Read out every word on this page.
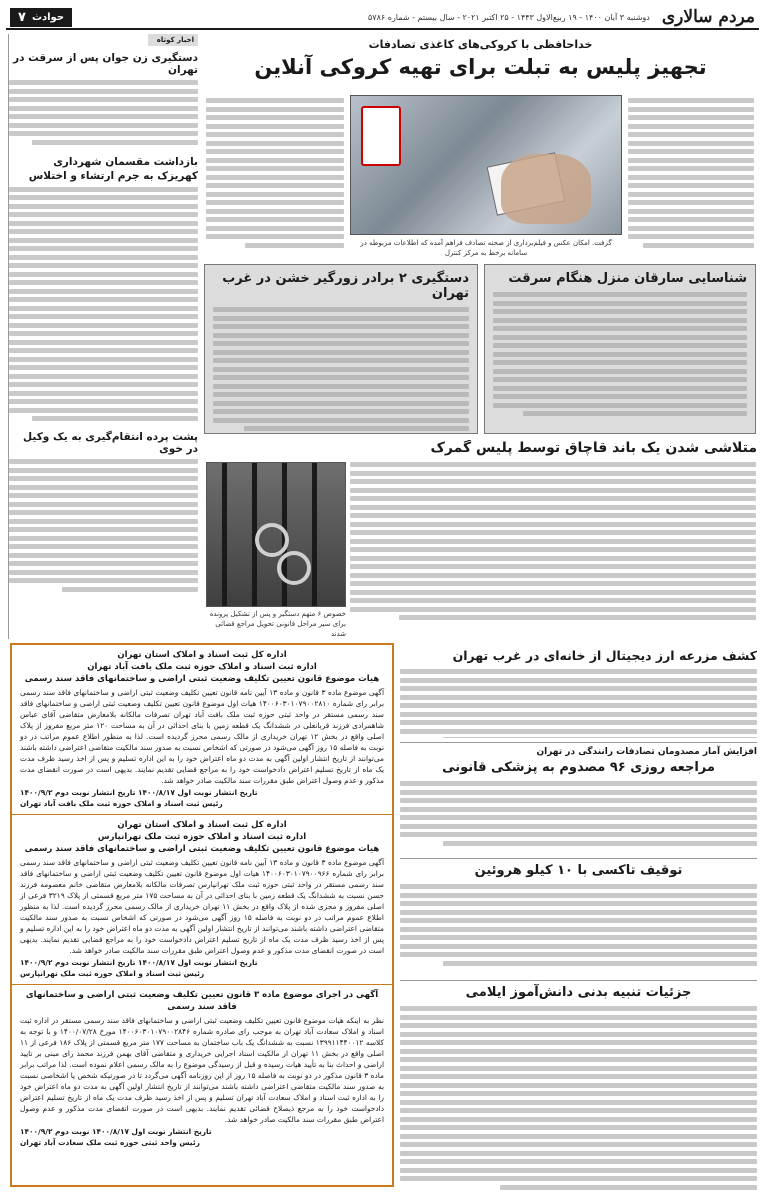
مردم سالاری
دوشنبه ۳ آبان ۱۴۰۰ - ۱۹ ربیع‌الاول ۱۴۴۳ - ۲۵ اکتبر ۲۰۲۱ - سال بیستم - شماره ۵۷۸۶
حوادث
۷
اخبار کوتاه
دستگیری زن جوان پس از سرقت در تهران
بازداشت مقسمان شهرداری کهریزک به جرم ارتشاء و اختلاس
پشت پرده انتقام‌گیری به یک وکیل در خوی
خداحافظی با کروکی‌های کاغذی تصادفات
تجهیز پلیس به تبلت برای تهیه کروکی آنلاین
گرفت. امکان عکس و فیلم‌برداری از صحنه تصادف فراهم آمده که اطلاعات مربوطه در سامانه برخط به مرکز کنترل
شناسایی سارقان منزل هنگام سرقت
دستگیری ۲ برادر زورگیر خشن در غرب تهران
متلاشی شدن یک باند قاچاق توسط پلیس گمرک
خصوص ۶ متهم دستگیر و پس از تشکیل پرونده برای سیر مراحل قانونی تحویل مراجع قضائی شدند
کشف مزرعه ارز دیجیتال از خانه‌ای در غرب تهران
افزایش آمار مصدومان تصادفات رانندگی در تهران
مراجعه روزی ۹۶ مصدوم به پزشکی قانونی
توقیف تاکسی با ۱۰ کیلو هروئین
جزئیات تنبیه بدنی دانش‌آموز ایلامی
اداره کل ثبت اسناد و املاک استان تهران
اداره ثبت اسناد و املاک حوزه ثبت ملک بافت آباد تهران
هیات موضوع قانون تعیین تکلیف وضعیت ثبتی اراضی و ساختمانهای فاقد سند رسمی
آگهی موضوع ماده ۳ قانون و ماده ۱۳ آیین نامه قانون تعیین تکلیف وضعیت ثبتی اراضی و ساختمانهای فاقد سند رسمی برابر رای شماره ۱۴۰۰۶۰۳۰۱۰۷۹۰۰۲۸۱۰ هیات اول موضوع قانون تعیین تکلیف وضعیت ثبتی اراضی و ساختمانهای فاقد سند رسمی مستقر در واحد ثبتی حوزه ثبت ملک بافت آباد تهران تصرفات مالکانه بلامعارض متقاضی آقای عباس شاهمرادی فرزند قربانعلی در ششدانگ یک قطعه زمین با بنای احداثی در آن به مساحت ۱۲۰ متر مربع مفروز از پلاک اصلی واقع در بخش ۱۲ تهران خریداری از مالک رسمی محرز گردیده است. لذا به منظور اطلاع عموم مراتب در دو نوبت به فاصله ۱۵ روز آگهی می‌شود در صورتی که اشخاص نسبت به صدور سند مالکیت متقاضی اعتراضی داشته باشند می‌توانند از تاریخ انتشار اولین آگهی به مدت دو ماه اعتراض خود را به این اداره تسلیم و پس از اخذ رسید ظرف مدت یک ماه از تاریخ تسلیم اعتراض دادخواست خود را به مراجع قضایی تقدیم نمایند. بدیهی است در صورت انقضای مدت مذکور و عدم وصول اعتراض طبق مقررات سند مالکیت صادر خواهد شد.
تاریخ انتشار نوبت اول ۱۴۰۰/۸/۱۷ تاریخ انتشار نوبت دوم ۱۴۰۰/۹/۲
رئیس ثبت اسناد و املاک حوزه ثبت ملک بافت آباد تهران
اداره کل ثبت اسناد و املاک استان تهران
اداره ثبت اسناد و املاک حوزه ثبت ملک تهرانپارس
هیات موضوع قانون تعیین تکلیف وضعیت ثبتی اراضی و ساختمانهای فاقد سند رسمی
آگهی موضوع ماده ۳ قانون و ماده ۱۳ آیین نامه قانون تعیین تکلیف وضعیت ثبتی اراضی و ساختمانهای فاقد سند رسمی برابر رای شماره ۱۴۰۰۶۰۳۰۱۰۷۹۰۰۹۶۶ هیات اول موضوع قانون تعیین تکلیف وضعیت ثبتی اراضی و ساختمانهای فاقد سند رسمی مستقر در واحد ثبتی حوزه ثبت ملک تهرانپارس تصرفات مالکانه بلامعارض متقاضی خانم معصومه فرزند حسن نسبت به ششدانگ یک قطعه زمین با بنای احداثی در آن به مساحت ۱۷۵ متر مربع قسمتی از پلاک ۳۲۱۹ فرعی از اصلی مفروز و مجزی شده از پلاک واقع در بخش ۱۱ تهران خریداری از مالک رسمی محرز گردیده است. لذا به منظور اطلاع عموم مراتب در دو نوبت به فاصله ۱۵ روز آگهی می‌شود در صورتی که اشخاص نسبت به صدور سند مالکیت متقاضی اعتراضی داشته باشند می‌توانند از تاریخ انتشار اولین آگهی به مدت دو ماه اعتراض خود را به این اداره تسلیم و پس از اخذ رسید ظرف مدت یک ماه از تاریخ تسلیم اعتراض دادخواست خود را به مراجع قضایی تقدیم نمایند. بدیهی است در صورت انقضای مدت مذکور و عدم وصول اعتراض طبق مقررات سند مالکیت صادر خواهد شد.
تاریخ انتشار نوبت اول ۱۴۰۰/۸/۱۷ تاریخ انتشار نوبت دوم ۱۴۰۰/۹/۲
رئیس ثبت اسناد و املاک حوزه ثبت ملک تهرانپارس
آگهی در اجرای موضوع ماده ۳ قانون تعیین تکلیف وضعیت ثبتی اراضی و ساختمانهای فاقد سند رسمی
نظر به اینکه هیات موضوع قانون تعیین تکلیف وضعیت ثبتی اراضی و ساختمانهای فاقد سند رسمی مستقر در اداره ثبت اسناد و املاک سعادت آباد تهران به موجب رای صادره شماره ۱۴۰۰۶۰۳۰۱۰۷۹۰۰۲۸۴۶ مورخ ۱۴۰۰/۰۷/۲۸ و با توجه به کلاسه ۱۳۹۹۱۱۴۴۰۰۱۲ نسبت به ششدانگ یک باب ساختمان به مساحت ۱۷۷ متر مربع قسمتی از پلاک ۱۸۶ فرعی از ۱۱ اصلی واقع در بخش ۱۱ تهران از مالکیت اسناد اجرایی خریداری و متقاضی آقای بهمن فرزند محمد رای مبنی بر تایید اراضی و احداث بنا به تأیید هیات رسیده و قبل از رسیدگی موضوع را به مالک رسمی اعلام نموده است. لذا مراتب برابر ماده ۳ قانون مذکور در دو نوبت به فاصله ۱۵ روز از این روزنامه آگهی می‌گردد تا در صورتیکه شخص یا اشخاصی نسبت به صدور سند مالکیت متقاضی اعتراضی داشته باشند می‌توانند از تاریخ انتشار اولین آگهی به مدت دو ماه اعتراض خود را به اداره ثبت اسناد و املاک سعادت آباد تهران تسلیم و پس از اخذ رسید ظرف مدت یک ماه از تاریخ تسلیم اعتراض دادخواست خود را به مرجع ذیصلاح قضائی تقدیم نمایند. بدیهی است در صورت انقضای مدت مذکور و عدم وصول اعتراض طبق مقررات سند مالکیت صادر خواهد شد.
تاریخ انتشار نوبت اول ۱۴۰۰/۸/۱۷ نوبت دوم ۱۴۰۰/۹/۲
رئیس واحد ثبتی حوزه ثبت ملک سعادت آباد تهران
